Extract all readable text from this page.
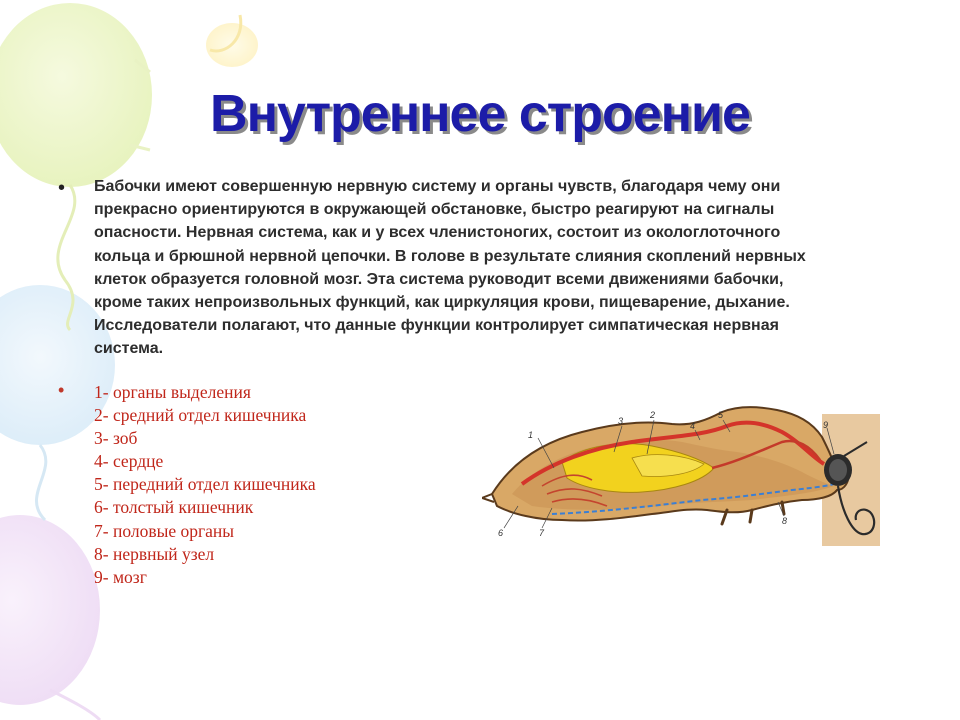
Внутреннее строение
• Бабочки имеют совершенную нервную систему и органы чувств, благодаря чему они
прекрасно ориентируются в окружающей обстановке, быстро реагируют на сигналы
опасности. Нервная система, как и у всех членистоногих, состоит из окологлоточного
кольца и брюшной нервной цепочки. В голове в результате слияния скоплений нервных
клеток образуется головной мозг. Эта система руководит всеми движениями бабочки,
кроме таких непроизвольных функций, как циркуляция крови, пищеварение, дыхание.
Исследователи полагают, что данные функции контролирует симпатическая нервная
система.
• 1- органы выделения
2- средний отдел кишечника
3- зоб
4- сердце
5- передний отдел кишечника
6- толстый кишечник
7- половые органы
8- нервный узел
9- мозг
1
2
3	4
5
6	7
8
9
